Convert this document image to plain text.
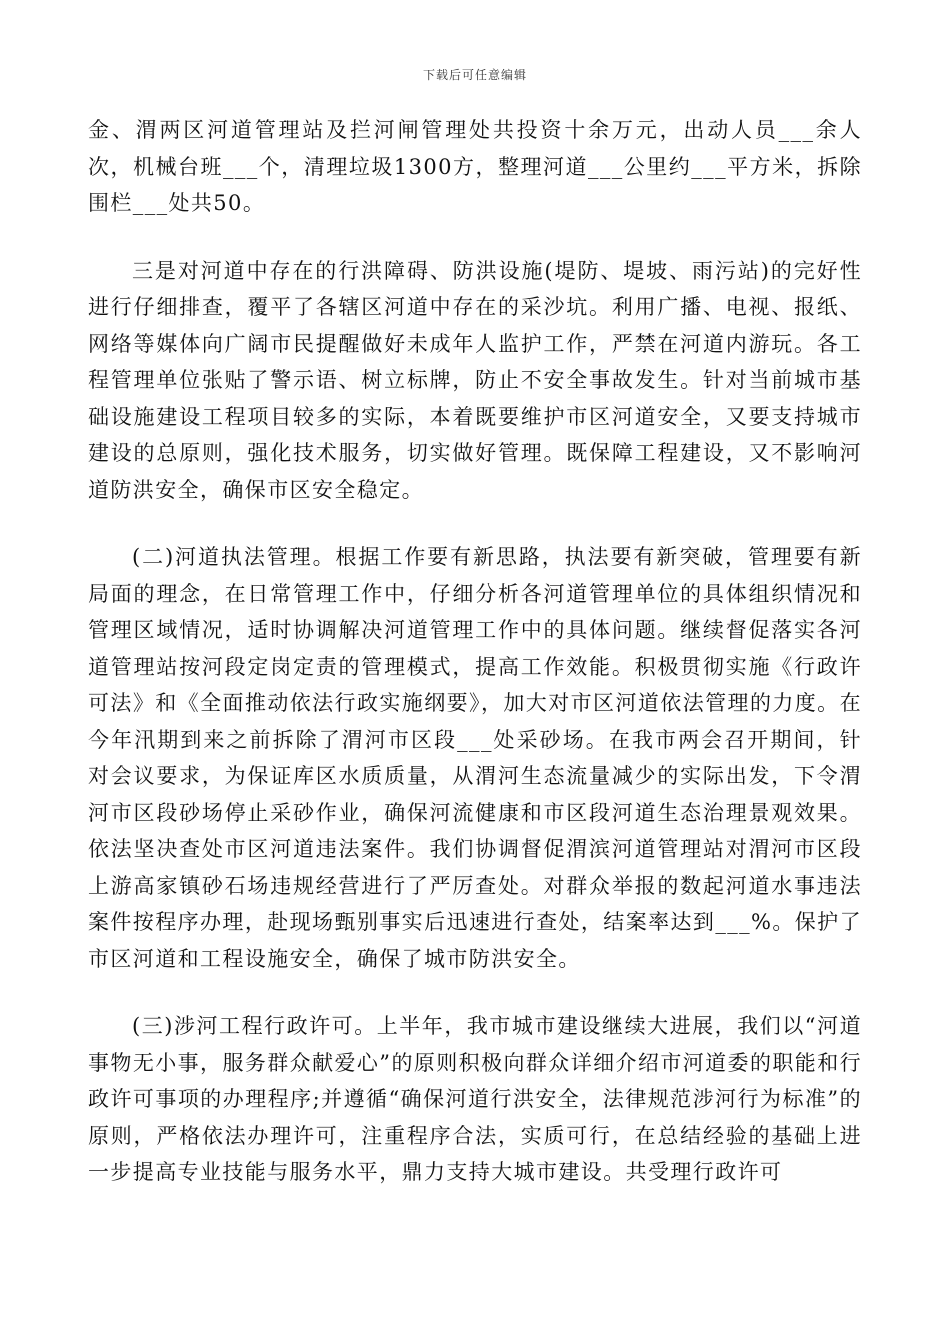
下载后可任意编辑

金、渭两区河道管理站及拦河闸管理处共投资十余万元，出动人员___余人次，机械台班___个，清理垃圾1300方，整理河道___公里约___平方米，拆除围栏___处共50。

三是对河道中存在的行洪障碍、防洪设施(堤防、堤坡、雨污站)的完好性进行仔细排查，覆平了各辖区河道中存在的采沙坑。利用广播、电视、报纸、网络等媒体向广阔市民提醒做好未成年人监护工作，严禁在河道内游玩。各工程管理单位张贴了警示语、树立标牌，防止不安全事故发生。针对当前城市基础设施建设工程项目较多的实际，本着既要维护市区河道安全，又要支持城市建设的总原则，强化技术服务，切实做好管理。既保障工程建设，又不影响河道防洪安全，确保市区安全稳定。

(二)河道执法管理。根据工作要有新思路，执法要有新突破，管理要有新局面的理念，在日常管理工作中，仔细分析各河道管理单位的具体组织情况和管理区域情况，适时协调解决河道管理工作中的具体问题。继续督促落实各河道管理站按河段定岗定责的管理模式，提高工作效能。积极贯彻实施《行政许可法》和《全面推动依法行政实施纲要》，加大对市区河道依法管理的力度。在今年汛期到来之前拆除了渭河市区段___处采砂场。在我市两会召开期间，针对会议要求，为保证库区水质质量，从渭河生态流量减少的实际出发，下令渭河市区段砂场停止采砂作业，确保河流健康和市区段河道生态治理景观效果。依法坚决查处市区河道违法案件。我们协调督促渭滨河道管理站对渭河市区段上游高家镇砂石场违规经营进行了严厉查处。对群众举报的数起河道水事违法案件按程序办理，赴现场甄别事实后迅速进行查处，结案率达到___%。保护了市区河道和工程设施安全，确保了城市防洪安全。

(三)涉河工程行政许可。上半年，我市城市建设继续大进展，我们以“河道事物无小事，服务群众献爱心”的原则积极向群众详细介绍市河道委的职能和行政许可事项的办理程序;并遵循“确保河道行洪安全，法律规范涉河行为标准”的原则，严格依法办理许可，注重程序合法，实质可行，在总结经验的基础上进一步提高专业技能与服务水平，鼎力支持大城市建设。共受理行政许可
